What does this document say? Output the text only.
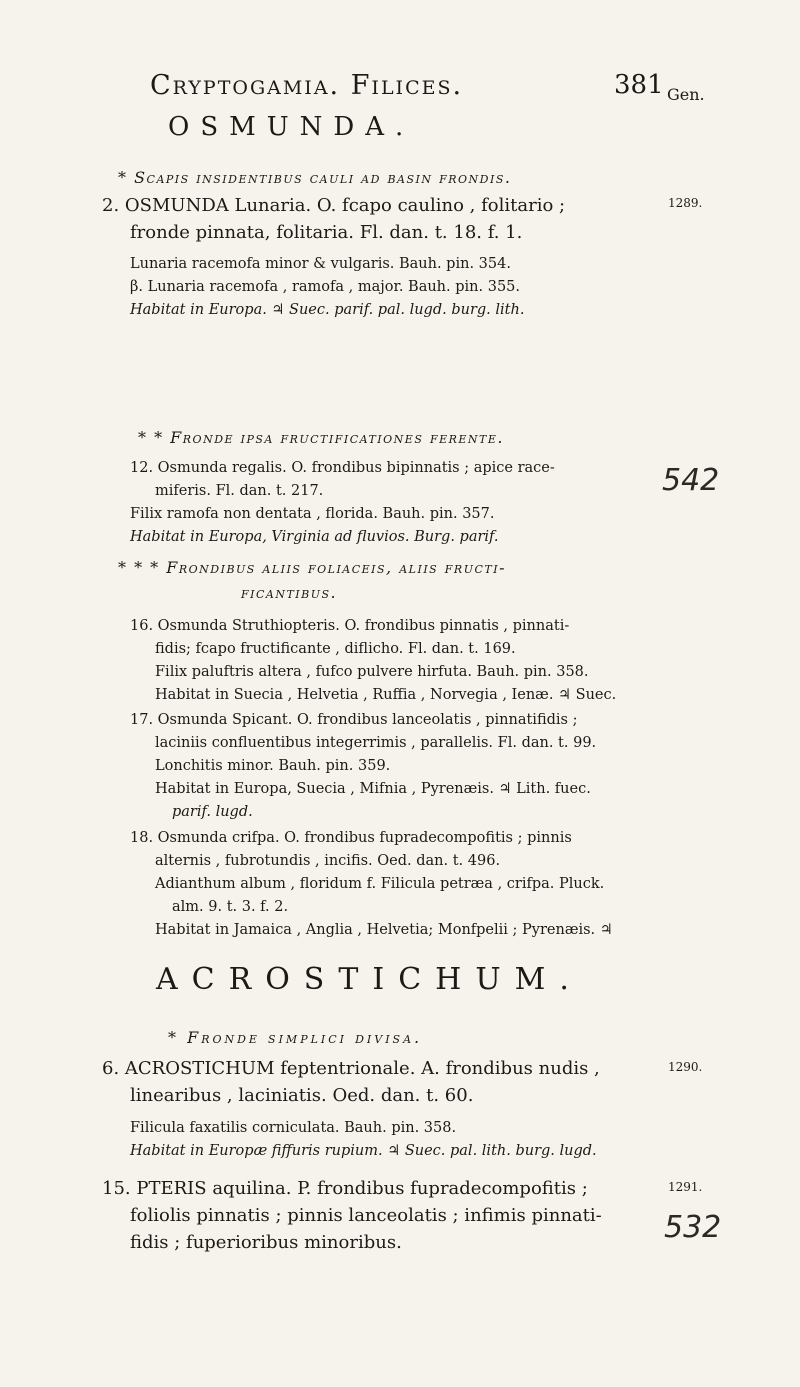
Cryptogamia. Filices.	381 Gen.
OSMUNDA.
* Scapis insidentibus cauli ad basin frondis.
2. OSMUNDA Lunaria. O. fcapo caulino , folitario ;
fronde pinnata, folitaria. Fl. dan. t. 18. f. 1.
Lunaria racemofa minor & vulgaris. Bauh. pin. 354.
β. Lunaria racemofa , ramofa , major. Bauh. pin. 355.
Habitat in Europa. ♃ Suec. parif. pal. lugd. burg. lith.
1289.
* * Fronde ipsa fructificationes ferente.
12. Osmunda regalis. O. frondibus bipinnatis ; apice race-
miferis. Fl. dan. t. 217.
Filix ramofa non dentata , florida. Bauh. pin. 357.
Habitat in Europa, Virginia ad fluvios. Burg. parif.
542
* * * Frondibus aliis foliaceis, aliis fructi-
ficantibus.
16. Osmunda Struthiopteris. O. frondibus pinnatis , pinnati-
fidis; fcapo fructificante , diflicho. Fl. dan. t. 169.
Filix paluftris altera , fufco pulvere hirfuta. Bauh. pin. 358.
Habitat in Suecia , Helvetia , Ruffia , Norvegia , Ienæ. ♃ Suec.
17. Osmunda Spicant. O. frondibus lanceolatis , pinnatifidis ;
laciniis confluentibus integerrimis , parallelis. Fl. dan. t. 99.
Lonchitis minor. Bauh. pin. 359.
Habitat in Europa, Suecia , Mifnia , Pyrenæis. ♃ Lith. fuec.
parif. lugd.
18. Osmunda crifpa. O. frondibus fupradecompofitis ; pinnis
alternis , fubrotundis , incifis. Oed. dan. t. 496.
Adianthum album , floridum f. Filicula petræa , crifpa. Pluck.
alm. 9. t. 3. f. 2.
Habitat in Jamaica , Anglia , Helvetia; Monfpelii ; Pyrenæis. ♃
ACROSTICHUM.
* Fronde simplici divisa.
6. ACROSTICHUM feptentrionale. A. frondibus nudis ,
linearibus , laciniatis. Oed. dan. t. 60.
Filicula faxatilis corniculata. Bauh. pin. 358.
Habitat in Europæ fiffuris rupium. ♃ Suec. pal. lith. burg. lugd.
1290.
15. PTERIS aquilina. P. frondibus fupradecompofitis ;
foliolis pinnatis ; pinnis lanceolatis ; infimis pinnati-
fidis ; fuperioribus minoribus.
1291.
532
